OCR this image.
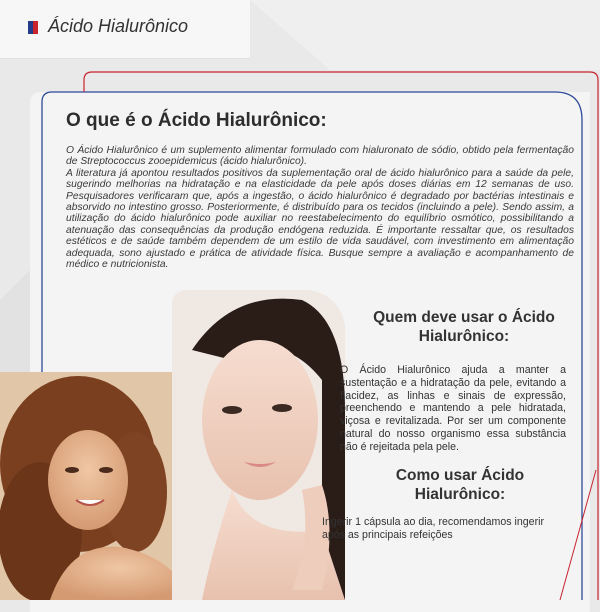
Ácido Hialurônico
O que é o Ácido Hialurônico:

O Ácido Hialurônico é um suplemento alimentar formulado com hialuronato de sódio, obtido pela fermentação de Streptococcus zooepidemicus (ácido hialurônico).

A literatura já apontou resultados positivos da suplementação oral de ácido hialurônico para a saúde da pele, sugerindo melhorias na hidratação e na elasticidade da pele após doses diárias em 12 semanas de uso. Pesquisadores verificaram que, após a ingestão, o ácido hialurônico é degradado por bactérias intestinais e absorvido no intestino grosso. Posteriormente, é distribuído para os tecidos (incluindo a pele). Sendo assim, a utilização do ácido hialurônico pode auxiliar no reestabelecimento do equilíbrio osmótico, possibilitando a atenuação das consequências da produção endógena reduzida. É importante ressaltar que, os resultados estéticos e de saúde também dependem de um estilo de vida saudável, com investimento em alimentação adequada, sono ajustado e prática de atividade física. Busque sempre a avaliação e acompanhamento de médico e nutricionista.

Quem deve usar o Ácido Hialurônico:
O Ácido Hialurônico ajuda a manter a sustentação e a hidratação da pele, evitando a flacidez, as linhas e sinais de expressão, preenchendo e mantendo a pele hidratada, viçosa e revitalizada. Por ser um componente natural do nosso organismo essa substância não é rejeitada pela pele.
Como usar Ácido Hialurônico:
Ingerir 1 cápsula ao dia, recomendamos ingerir após as principais refeições
